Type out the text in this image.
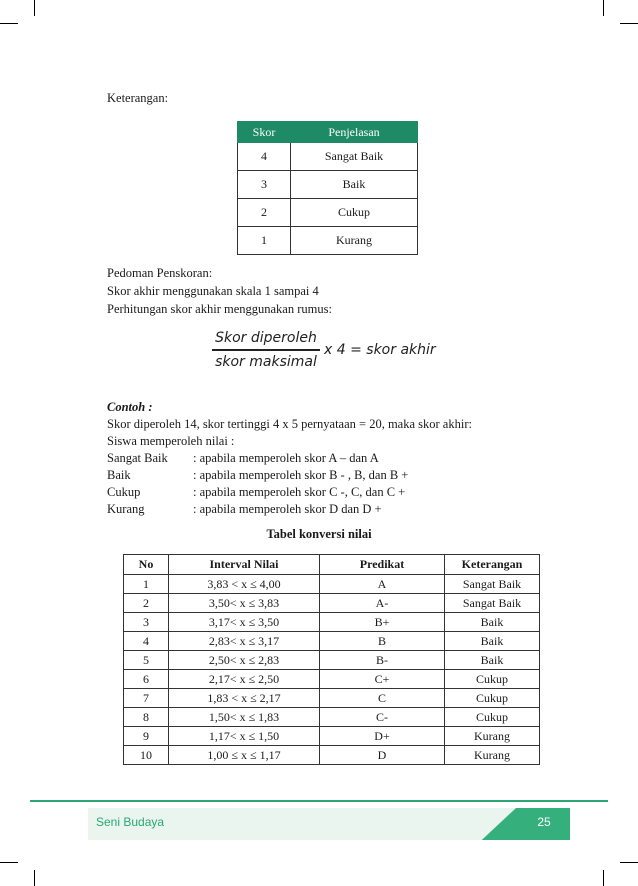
Keterangan:
Skor	Penjelasan
4	Sangat Baik
3	Baik
2	Cukup
1	Kurang
Pedoman Penskoran:
Skor akhir menggunakan skala 1 sampai 4
Perhitungan skor akhir menggunakan rumus:
$\frac{\text{Skor diperoleh}}{\text{skor maksimal}}$ x 4 = skor akhir
Contoh :
Skor diperoleh 14, skor tertinggi 4 x 5 pernyataan = 20, maka skor akhir:
Siswa memperoleh nilai :
Sangat Baik : apabila memperoleh skor A – dan A
Baik	: apabila memperoleh skor B - , B, dan B +
Cukup	: apabila memperoleh skor C -, C, dan C +
Kurang	: apabila memperoleh skor D dan D +
Tabel konversi nilai
No	Interval Nilai	Predikat	Keterangan
1	3,83 < x ≤ 4,00	A	Sangat Baik
2	3,50< x ≤ 3,83	A-	Sangat Baik
3	3,17< x ≤ 3,50	B+	Baik
4	2,83< x ≤ 3,17	B	Baik
5	2,50< x ≤ 2,83	B-	Baik
6	2,17< x ≤ 2,50	C+	Cukup
7	1,83 < x ≤ 2,17	C	Cukup
8	1,50< x ≤ 1,83	C-	Cukup
9	1,17< x ≤ 1,50	D+	Kurang
10	1,00 ≤ x ≤ 1,17	D	Kurang
Seni Budaya	25
